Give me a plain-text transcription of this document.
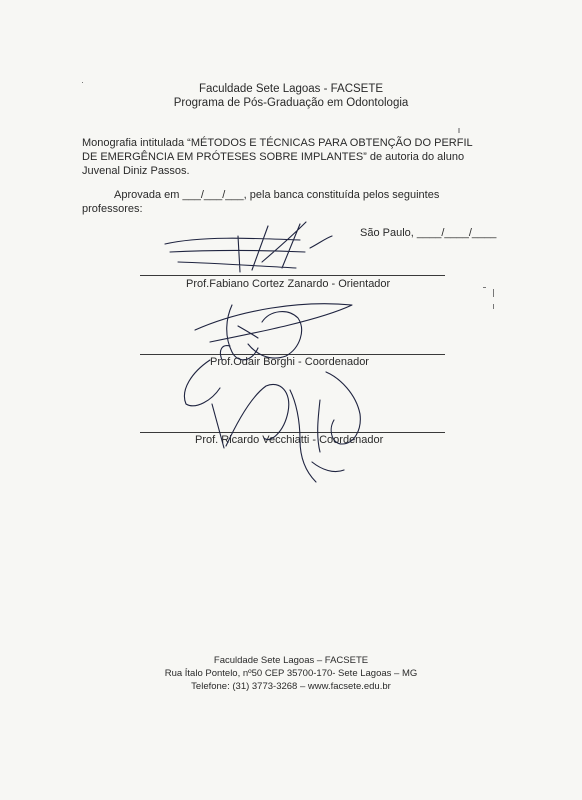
Faculdade Sete Lagoas - FACSETE
Programa de Pós-Graduação em Odontologia
Monografia intitulada “MÉTODOS E TÉCNICAS PARA OBTENÇÃO DO PERFIL
DE EMERGÊNCIA EM PRÓTESES SOBRE IMPLANTES” de autoria do aluno
Juvenal Diniz Passos.
Aprovada em ___/___/___, pela banca constituída pelos seguintes
professores:
São Paulo, ____/____/____
Prof.Fabiano Cortez Zanardo - Orientador
Prof.Odair Borghi - Coordenador
Prof. Ricardo Vecchiatti - Coordenador
Faculdade Sete Lagoas – FACSETE
Rua Ítalo Pontelo, nº50 CEP 35700-170- Sete Lagoas – MG
Telefone: (31) 3773-3268 – www.facsete.edu.br
